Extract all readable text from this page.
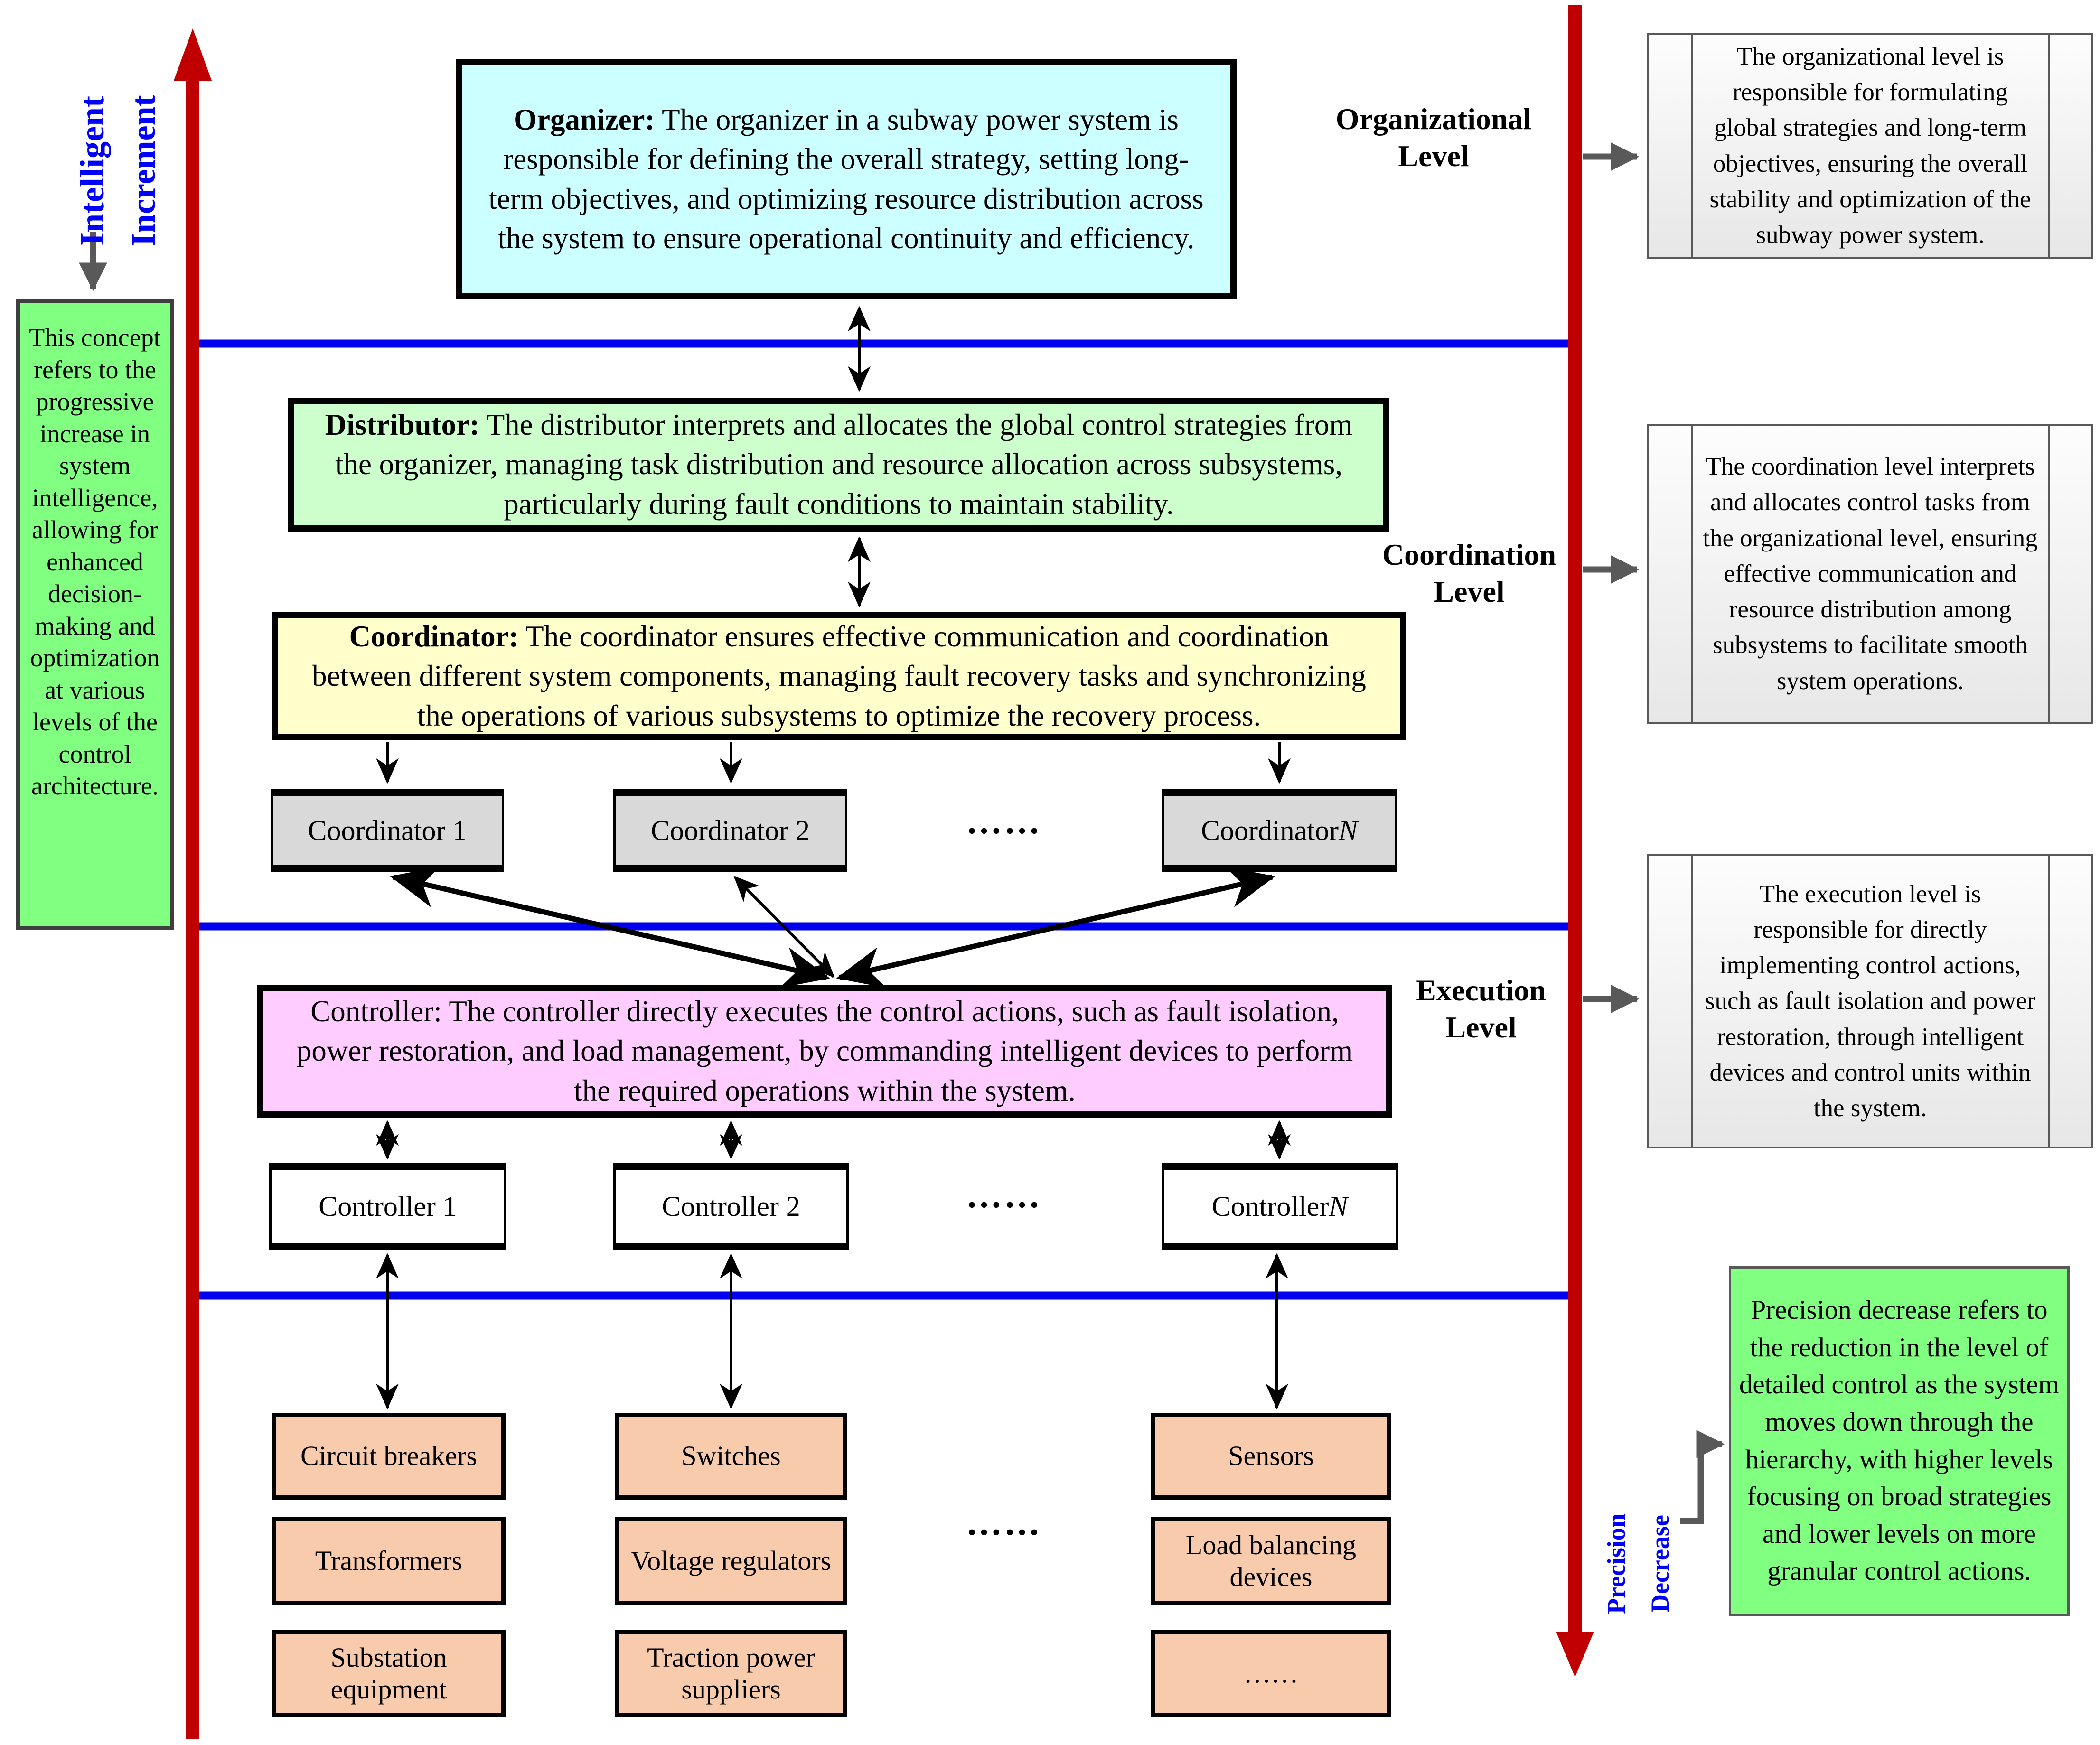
Intelligent Increment
This concept refers to the progressive increase in system intelligence, allowing for enhanced decision-making and optimization at various levels of the control architecture.
Organizer: The organizer in a subway power system is responsible for defining the overall strategy, setting long-term objectives, and optimizing resource distribution across the system to ensure operational continuity and efficiency.
Distributor: The distributor interprets and allocates the global control strategies from the organizer, managing task distribution and resource allocation across subsystems, particularly during fault conditions to maintain stability.
Coordinator: The coordinator ensures effective communication and coordination between different system components, managing fault recovery tasks and synchronizing the operations of various subsystems to optimize the recovery process.
Coordinator 1	Coordinator 2	……	Coordinator N
Controller: The controller directly executes the control actions, such as fault isolation, power restoration, and load management, by commanding intelligent devices to perform the required operations within the system.
Controller 1	Controller 2	……	Controller N
Circuit breakers
Transformers
Substation equipment
Switches
Voltage regulators
Traction power suppliers
……
Sensors
Load balancing devices
……
Organizational
Level
Coordination
Level
Execution
Level
The organizational level is responsible for formulating global strategies and long-term objectives, ensuring the overall stability and optimization of the subway power system.
The coordination level interprets and allocates control tasks from the organizational level, ensuring effective communication and resource distribution among subsystems to facilitate smooth system operations.
The execution level is responsible for directly implementing control actions, such as fault isolation and power restoration, through intelligent devices and control units within the system.
Precision Decrease
Precision decrease refers to the reduction in the level of detailed control as the system moves down through the hierarchy, with higher levels focusing on broad strategies and lower levels on more granular control actions.
